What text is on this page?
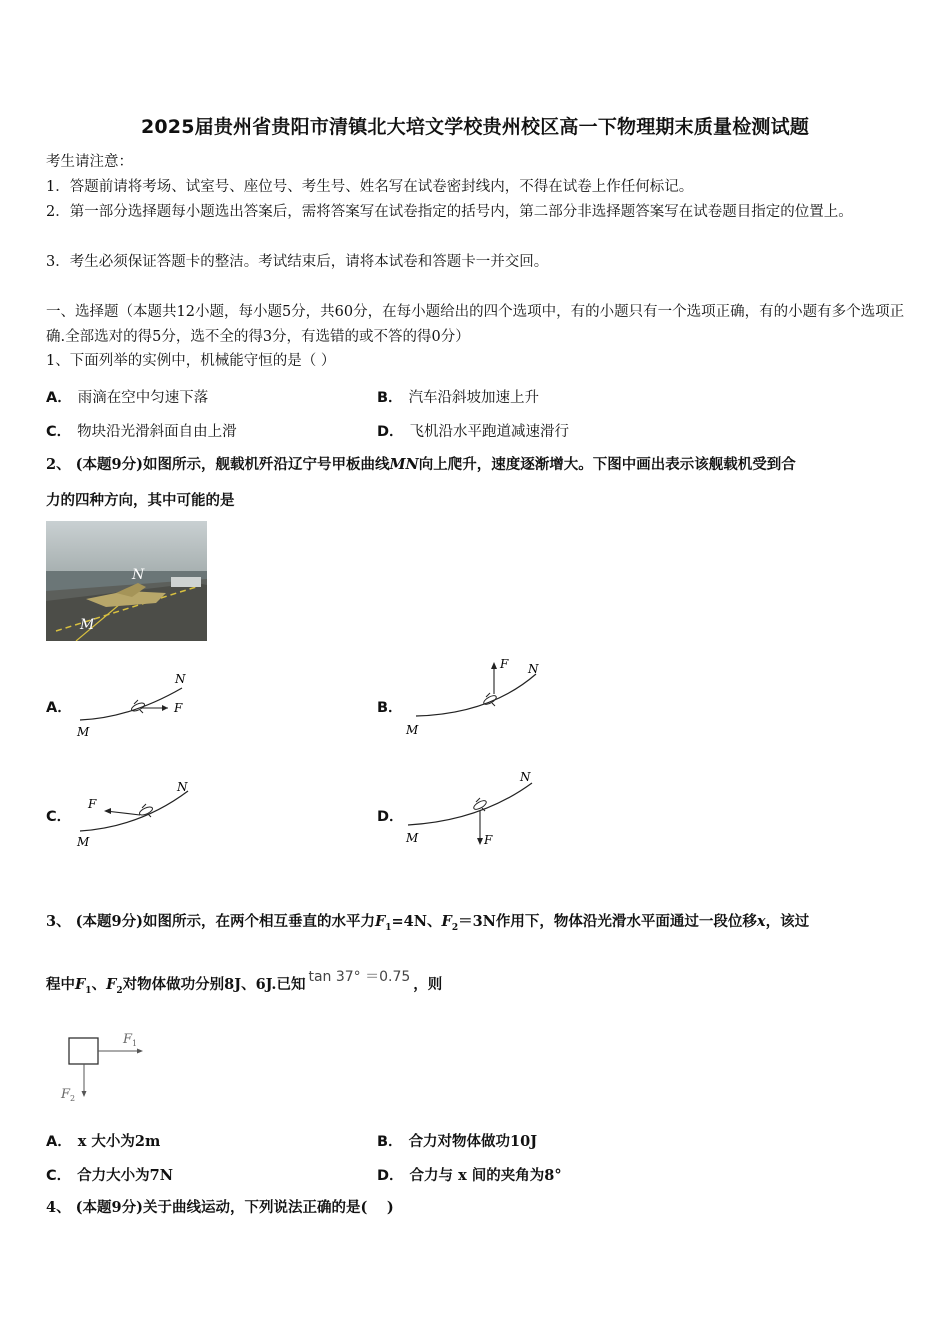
2025届贵州省贵阳市清镇北大培文学校贵州校区高一下物理期末质量检测试题
考生请注意：
1．答题前请将考场、试室号、座位号、考生号、姓名写在试卷密封线内，不得在试卷上作任何标记。
2．第一部分选择题每小题选出答案后，需将答案写在试卷指定的括号内，第二部分非选择题答案写在试卷题目指定的位置上。
3．考生必须保证答题卡的整洁。考试结束后，请将本试卷和答题卡一并交回。
一、选择题（本题共12小题，每小题5分，共60分，在每小题给出的四个选项中，有的小题只有一个选项正确，有的小题有多个选项正确.全部选对的得5分，选不全的得3分，有选错的或不答的得0分）
1、下面列举的实例中，机械能守恒的是（ ）
A． 雨滴在空中匀速下落	B． 汽车沿斜坡加速上升
C． 物块沿光滑斜面自由上滑	D． 飞机沿水平跑道减速滑行
2、 (本题9分)如图所示，舰载机歼沿辽宁号甲板曲线MN向上爬升，速度逐渐增大。下图中画出表示该舰载机受到合
力的四种方向，其中可能的是
N
M
A．
M
N
F	B．
M
N
F
C．
M
N
F
D．
M
N
F
3、 (本题9分)如图所示，在两个相互垂直的水平力$F_1=4N$、$F_2=3N$作用下，物体沿光滑水平面通过一段位移x，该过
程中$F_1$、$F_2$对物体做功分别8J、6J.已知 tan 37° ＝0.75 ，则
F 1
F 2
A． x 大小为2m	B． 合力对物体做功10J
C． 合力大小为7N	D． 合力与 x 间的夹角为8°
4、 (本题9分)关于曲线运动，下列说法正确的是(　 )
